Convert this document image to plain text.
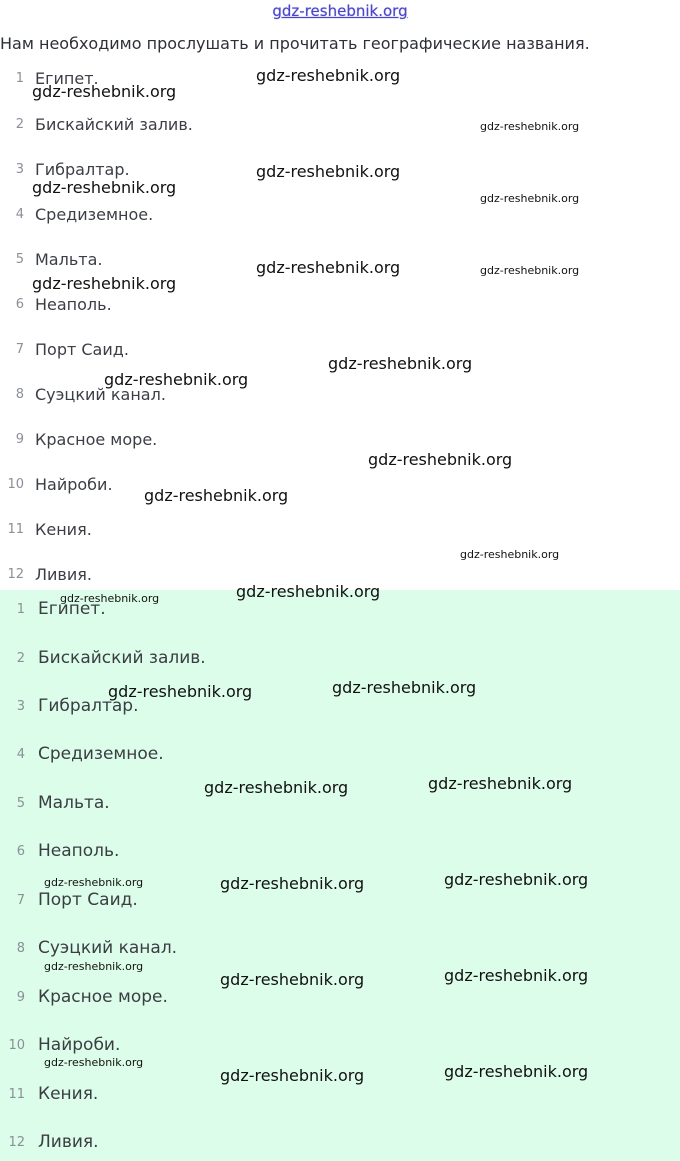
gdz-reshebnik.org
Нам необходимо прослушать и прочитать географические названия.
1 Египет.
2 Бискайский залив.
3 Гибралтар.
4 Средиземное.
5 Мальта.
6 Неаполь.
7 Порт Саид.
8 Суэцкий канал.
9 Красное море.
10 Найроби.
11 Кения.
12 Ливия.
1 Египет.
2 Бискайский залив.
3 Гибралтар.
4 Средиземное.
5 Мальта.
6 Неаполь.
7 Порт Саид.
8 Суэцкий канал.
9 Красное море.
10 Найроби.
11 Кения.
12 Ливия.
gdz-reshebnik.org
gdz-reshebnik.org
gdz-reshebnik.org
gdz-reshebnik.org
gdz-reshebnik.org
gdz-reshebnik.org
gdz-reshebnik.org	gdz-reshebnik.org
gdz-reshebnik.org
gdz-reshebnik.org
gdz-reshebnik.org
gdz-reshebnik.org
gdz-reshebnik.org
gdz-reshebnik.org
gdz-reshebnik.org
gdz-reshebnik.org
gdz-reshebnik.org
gdz-reshebnik.org
gdz-reshebnik.org
gdz-reshebnik.org
gdz-reshebnik.org
gdz-reshebnik.org	gdz-reshebnik.org
gdz-reshebnik.org	gdz-reshebnik.org
gdz-reshebnik.org
gdz-reshebnik.org	gdz-reshebnik.org
gdz-reshebnik.org
